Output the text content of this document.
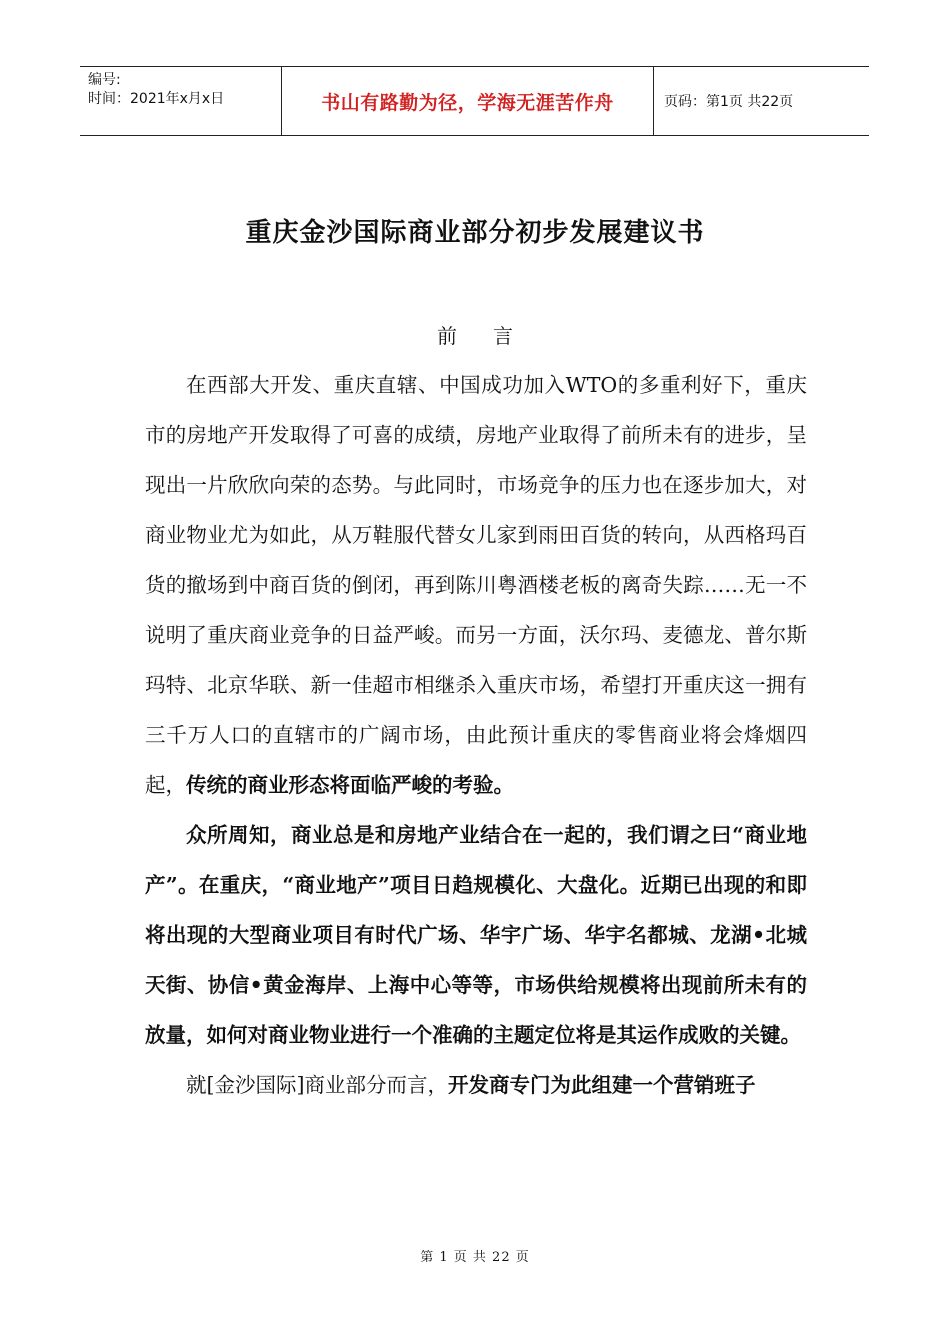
编号:
时间：2021年x月x日	书山有路勤为径，学海无涯苦作舟	页码：第1页 共22页
重庆金沙国际商业部分初步发展建议书
前言

在西部大开发、重庆直辖、中国成功加入WTO的多重利好下，重庆市的房地产开发取得了可喜的成绩，房地产业取得了前所未有的进步，呈现出一片欣欣向荣的态势。与此同时，市场竞争的压力也在逐步加大，对商业物业尤为如此，从万鞋服代替女儿家到雨田百货的转向，从西格玛百货的撤场到中商百货的倒闭，再到陈川粤酒楼老板的离奇失踪……无一不说明了重庆商业竞争的日益严峻。而另一方面，沃尔玛、麦德龙、普尔斯玛特、北京华联、新一佳超市相继杀入重庆市场，希望打开重庆这一拥有三千万人口的直辖市的广阔市场，由此预计重庆的零售商业将会烽烟四起，传统的商业形态将面临严峻的考验。

众所周知，商业总是和房地产业结合在一起的，我们谓之曰“商业地产”。在重庆，“商业地产”项目日趋规模化、大盘化。近期已出现的和即将出现的大型商业项目有时代广场、华宇广场、华宇名都城、龙湖•北城天街、协信•黄金海岸、上海中心等等，市场供给规模将出现前所未有的放量，如何对商业物业进行一个准确的主题定位将是其运作成败的关键。

就[金沙国际]商业部分而言，开发商专门为此组建一个营销班子

第 1 页 共 22 页
